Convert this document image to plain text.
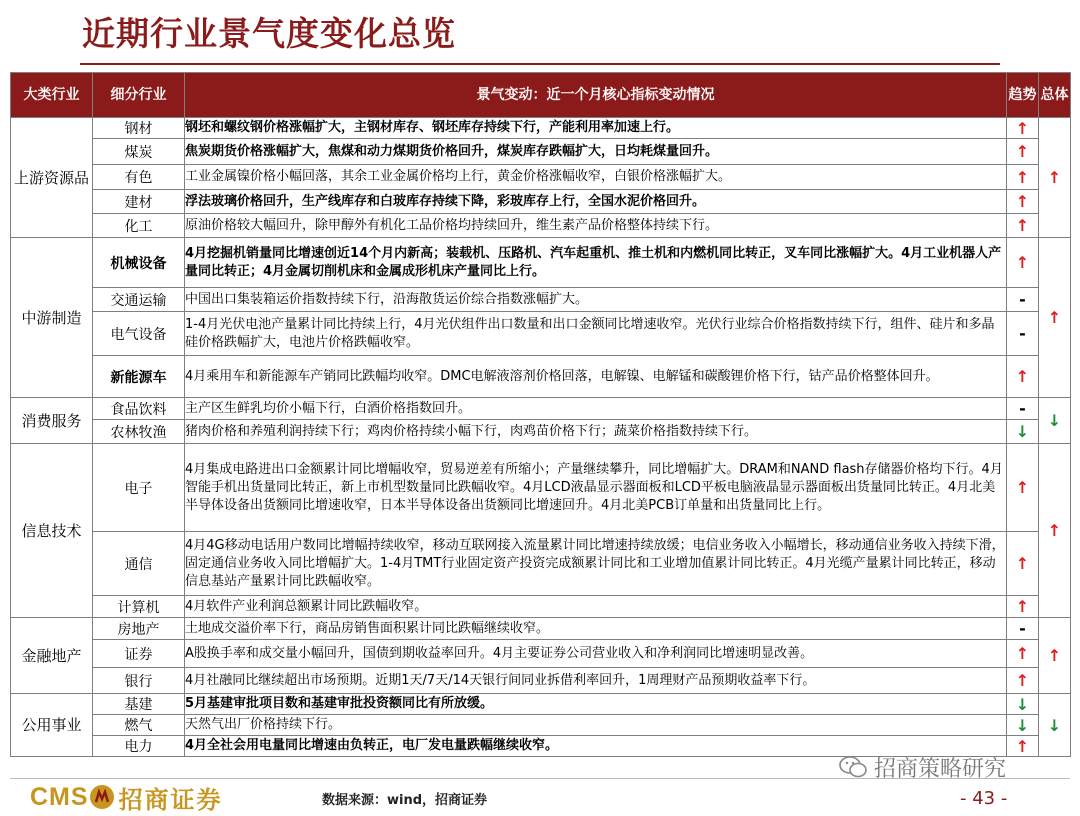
近期行业景气度变化总览
大类行业	细分行业	景气变动：近一个月核心指标变动情况	趋势	总体
上游资源品	钢材	钢坯和螺纹钢价格涨幅扩大，主钢材库存、钢坯库存持续下行，产能利用率加速上行。	↑	↑
	煤炭	焦炭期货价格涨幅扩大，焦煤和动力煤期货价格回升，煤炭库存跌幅扩大，日均耗煤量回升。	↑	
	有色	工业金属镍价格小幅回落，其余工业金属价格均上行，黄金价格涨幅收窄，白银价格涨幅扩大。	↑	
	建材	浮法玻璃价格回升，生产线库存和白玻库存持续下降，彩玻库存上行，全国水泥价格回升。	↑	
	化工	原油价格较大幅回升，除甲醇外有机化工品价格均持续回升，维生素产品价格整体持续下行。	↑	
中游制造	机械设备	4月挖掘机销量同比增速创近14个月内新高；装载机、压路机、汽车起重机、推土机和内燃机同比转正，叉车同比涨幅扩大。4月工业机器人产量同比转正；4月金属切削机床和金属成形机床产量同比上行。	↑	↑
	交通运输	中国出口集装箱运价指数持续下行，沿海散货运价综合指数涨幅扩大。	-	
	电气设备	1-4月光伏电池产量累计同比持续上行，4月光伏组件出口数量和出口金额同比增速收窄。光伏行业综合价格指数持续下行，组件、硅片和多晶硅价格跌幅扩大，电池片价格跌幅收窄。	-	
	新能源车	4月乘用车和新能源车产销同比跌幅均收窄。DMC电解液溶剂价格回落，电解镍、电解锰和碳酸锂价格下行，钴产品价格整体回升。	↑	
消费服务	食品饮料	主产区生鲜乳均价小幅下行，白酒价格指数回升。	-	↓
	农林牧渔	猪肉价格和养殖利润持续下行；鸡肉价格持续小幅下行，肉鸡苗价格下行；蔬菜价格指数持续下行。	↓	
信息技术	电子	4月集成电路进出口金额累计同比增幅收窄，贸易逆差有所缩小；产量继续攀升，同比增幅扩大。DRAM和NAND flash存储器价格均下行。4月智能手机出货量同比转正，新上市机型数量同比跌幅收窄。4月LCD液晶显示器面板和LCD平板电脑液晶显示器面板出货量同比转正。4月北美半导体设备出货额同比增速收窄，日本半导体设备出货额同比增速回升。4月北美PCB订单量和出货量同比上行。	↑	↑
	通信	4月4G移动电话用户数同比增幅持续收窄，移动互联网接入流量累计同比增速持续放缓；电信业务收入小幅增长，移动通信业务收入持续下滑，固定通信业务收入同比增幅扩大。1-4月TMT行业固定资产投资完成额累计同比和工业增加值累计同比转正。4月光缆产量累计同比转正，移动信息基站产量累计同比跌幅收窄。	↑	
	计算机	4月软件产业利润总额累计同比跌幅收窄。	↑	
金融地产	房地产	土地成交溢价率下行，商品房销售面积累计同比跌幅继续收窄。	-	↑
	证券	A股换手率和成交量小幅回升，国债到期收益率回升。4月主要证券公司营业收入和净利润同比增速明显改善。	↑	
	银行	4月社融同比继续超出市场预期。近期1天/7天/14天银行间同业拆借利率回升，1周理财产品预期收益率下行。	↑	
公用事业	基建	5月基建审批项目数和基建审批投资额同比有所放缓。	↓	↓
	燃气	天然气出厂价格持续下行。	↓	
	电力	4月全社会用电量同比增速由负转正，电厂发电量跌幅继续收窄。	↑	
CMS 招商证券	数据来源：wind，招商证券
招商策略研究
- 43 -
